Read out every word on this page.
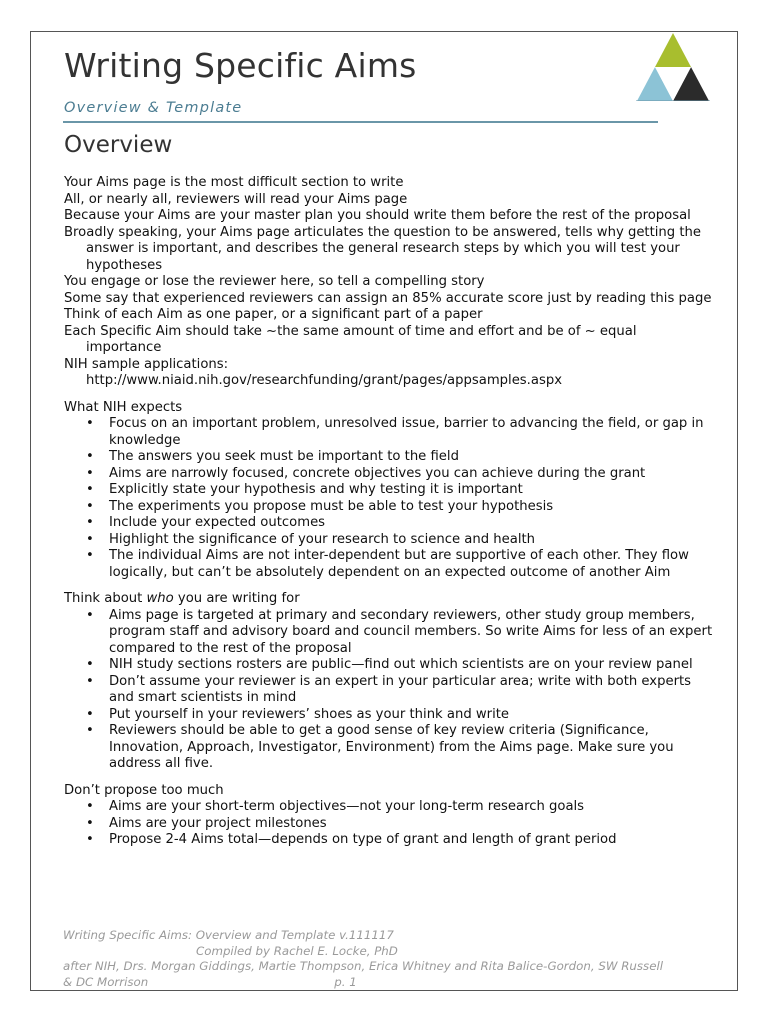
Writing Specific Aims
Overview & Template
Overview

Your Aims page is the most difficult section to write

All, or nearly all, reviewers will read your Aims page

Because your Aims are your master plan you should write them before the rest of the proposal

Broadly speaking, your Aims page articulates the question to be answered, tells why getting the answer is important, and describes the general research steps by which you will test your hypotheses

You engage or lose the reviewer here, so tell a compelling story

Some say that experienced reviewers can assign an 85% accurate score just by reading this page

Think of each Aim as one paper, or a significant part of a paper

Each Specific Aim should take ~the same amount of time and effort and be of ~ equal importance

NIH sample applications:

http://www.niaid.nih.gov/researchfunding/grant/pages/appsamples.aspx

What NIH expects

• Focus on an important problem, unresolved issue, barrier to advancing the field, or gap in knowledge
• The answers you seek must be important to the field
• Aims are narrowly focused, concrete objectives you can achieve during the grant
• Explicitly state your hypothesis and why testing it is important
• The experiments you propose must be able to test your hypothesis
• Include your expected outcomes
• Highlight the significance of your research to science and health
• The individual Aims are not inter-dependent but are supportive of each other. They flow logically, but can’t be absolutely dependent on an expected outcome of another Aim

Think about who you are writing for

• Aims page is targeted at primary and secondary reviewers, other study group members, program staff and advisory board and council members. So write Aims for less of an expert compared to the rest of the proposal
• NIH study sections rosters are public—find out which scientists are on your review panel
• Don’t assume your reviewer is an expert in your particular area; write with both experts and smart scientists in mind
• Put yourself in your reviewers’ shoes as your think and write
• Reviewers should be able to get a good sense of key review criteria (Significance, Innovation, Approach, Investigator, Environment) from the Aims page. Make sure you address all five.

Don’t propose too much

• Aims are your short-term objectives—not your long-term research goals
• Aims are your project milestones
• Propose 2-4 Aims total—depends on type of grant and length of grant period
Writing Specific Aims: Overview and Template v.111117
Compiled by Rachel E. Locke, PhD
after NIH, Drs. Morgan Giddings, Martie Thompson, Erica Whitney and Rita Balice-Gordon, SW Russell
& DC Morrison	p. 1
